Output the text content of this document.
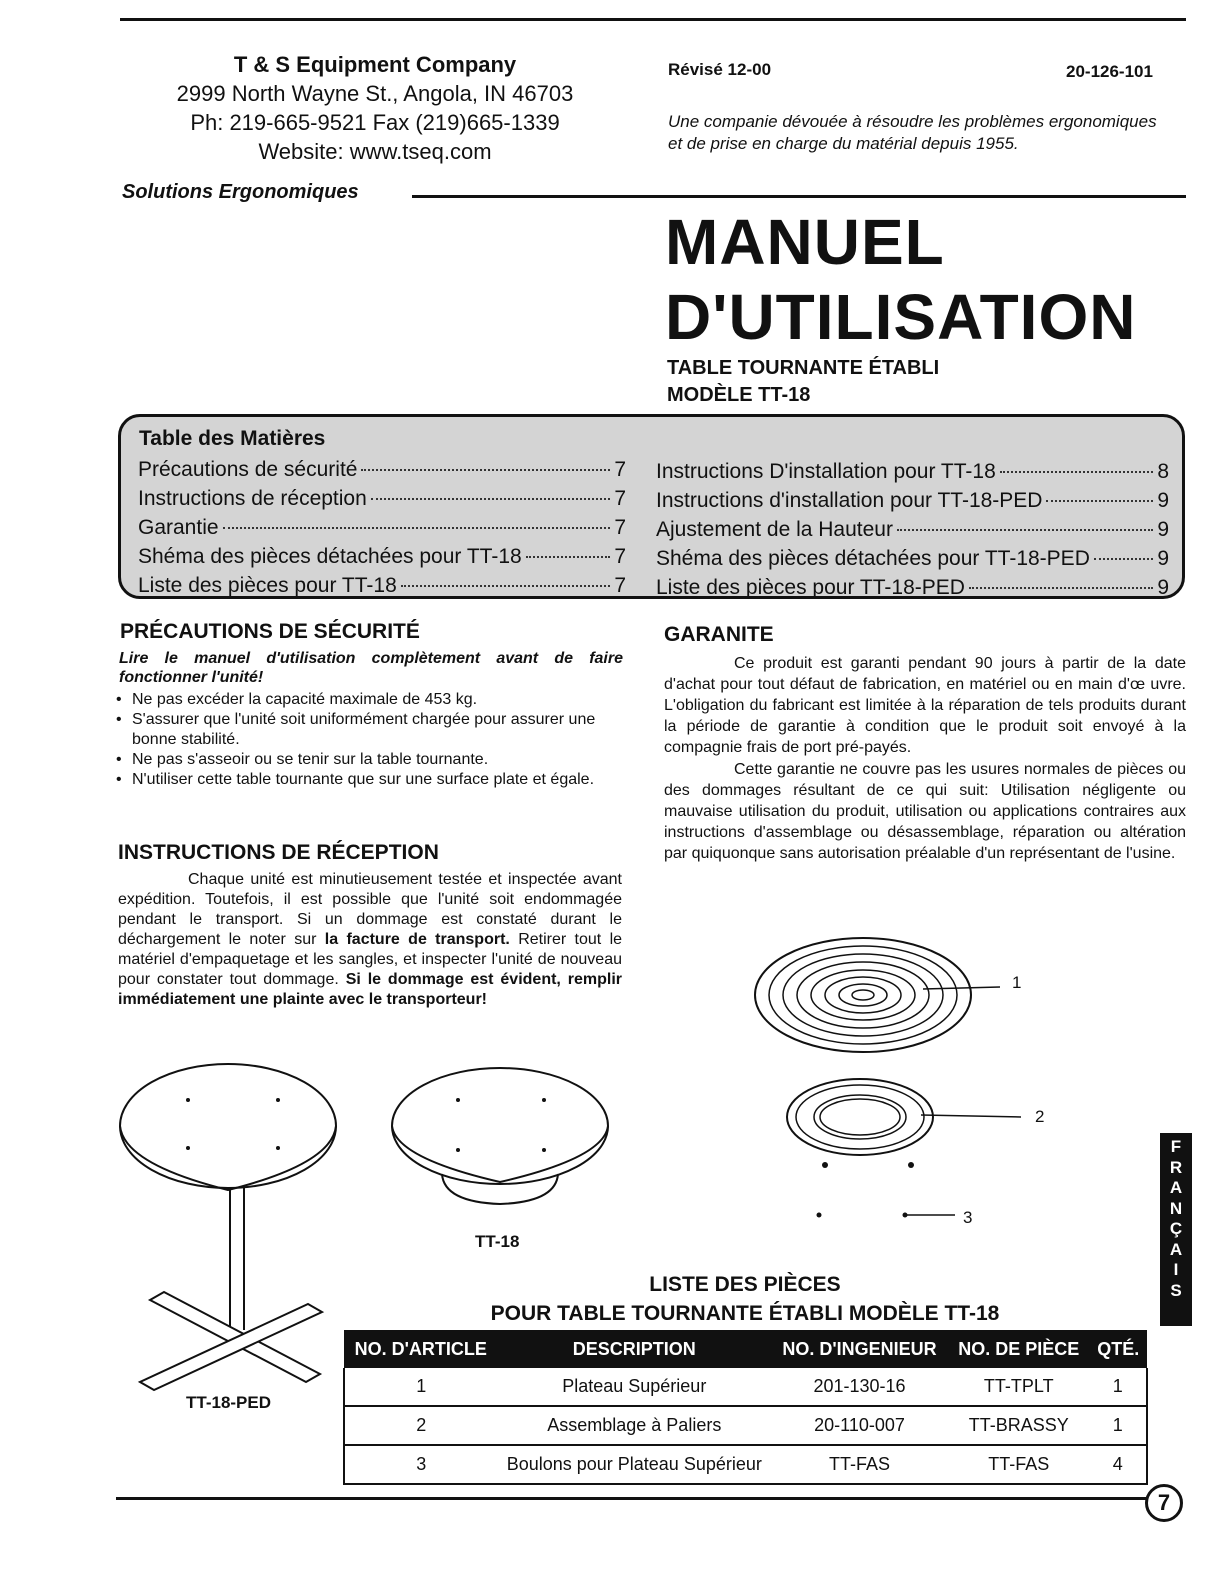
T & S Equipment Company
2999 North Wayne St., Angola, IN 46703
Ph: 219-665-9521 Fax (219)665-1339
Website: www.tseq.com
Révisé 12-00	20-126-101
Une companie dévouée à résoudre les problèmes ergonomiques et de prise en charge du matérial depuis 1955.
Solutions Ergonomiques
MANUEL
D'UTILISATION
TABLE TOURNANTE ÉTABLI
MODÈLE TT-18
Table des Matières
Précautions de sécurité	7
Instructions de réception	7
Garantie	7
Shéma des pièces détachées pour TT-18	7
Liste des pièces pour TT-18	7
Instructions D'installation pour TT-18	8
Instructions d'installation pour TT-18-PED	9
Ajustement de la Hauteur	9
Shéma des pièces détachées pour TT-18-PED	9
Liste des pièces pour TT-18-PED	9
PRÉCAUTIONS DE SÉCURITÉ
Lire le manuel d'utilisation complètement avant de faire fonctionner l'unité!
• Ne pas excéder la capacité maximale de 453 kg.
• S'assurer que l'unité soit uniformément chargée pour assurer une bonne stabilité.
• Ne pas s'asseoir ou se tenir sur la table tournante.
• N'utiliser cette table tournante que sur une surface plate et égale.
INSTRUCTIONS DE RÉCEPTION
Chaque unité est minutieusement testée et inspectée avant expédition. Toutefois, il est possible que l'unité soit endommagée pendant le transport. Si un dommage est constaté durant le déchargement le noter sur la facture de transport. Retirer tout le matériel d'empaquetage et les sangles, et inspecter l'unité de nouveau pour constater tout dommage. Si le dommage est évident, remplir immédiatement une plainte avec le transporteur!
GARANITE
Ce produit est garanti pendant 90 jours à partir de la date d'achat pour tout défaut de fabrication, en matériel ou en main d'œ uvre. L'obligation du fabricant est limitée à la réparation de tels produits durant la période de garantie à condition que le produit soit envoyé à la compagnie frais de port pré-payés.
Cette garantie ne couvre pas les usures normales de pièces ou des dommages résultant de ce qui suit: Utilisation négligente ou mauvaise utilisation du produit, utilisation ou applications contraires aux instructions d'assemblage ou désassemblage, réparation ou altération par quiquonque sans autorisation préalable d'un représentant de l'usine.
TT-18-PED
TT-18
1
2
3
LISTE DES PIÈCES
POUR TABLE TOURNANTE ÉTABLI MODÈLE TT-18
NO. D'ARTICLE	DESCRIPTION	NO. D'INGENIEUR	NO. DE PIÈCE	QTÉ.
1	Plateau Supérieur	201-130-16	TT-TPLT	1
2	Assemblage à Paliers	20-110-007	TT-BRASSY	1
3	Boulons pour Plateau Supérieur	TT-FAS	TT-FAS	4
F
R
A
N
Ç
A
I
S
7
